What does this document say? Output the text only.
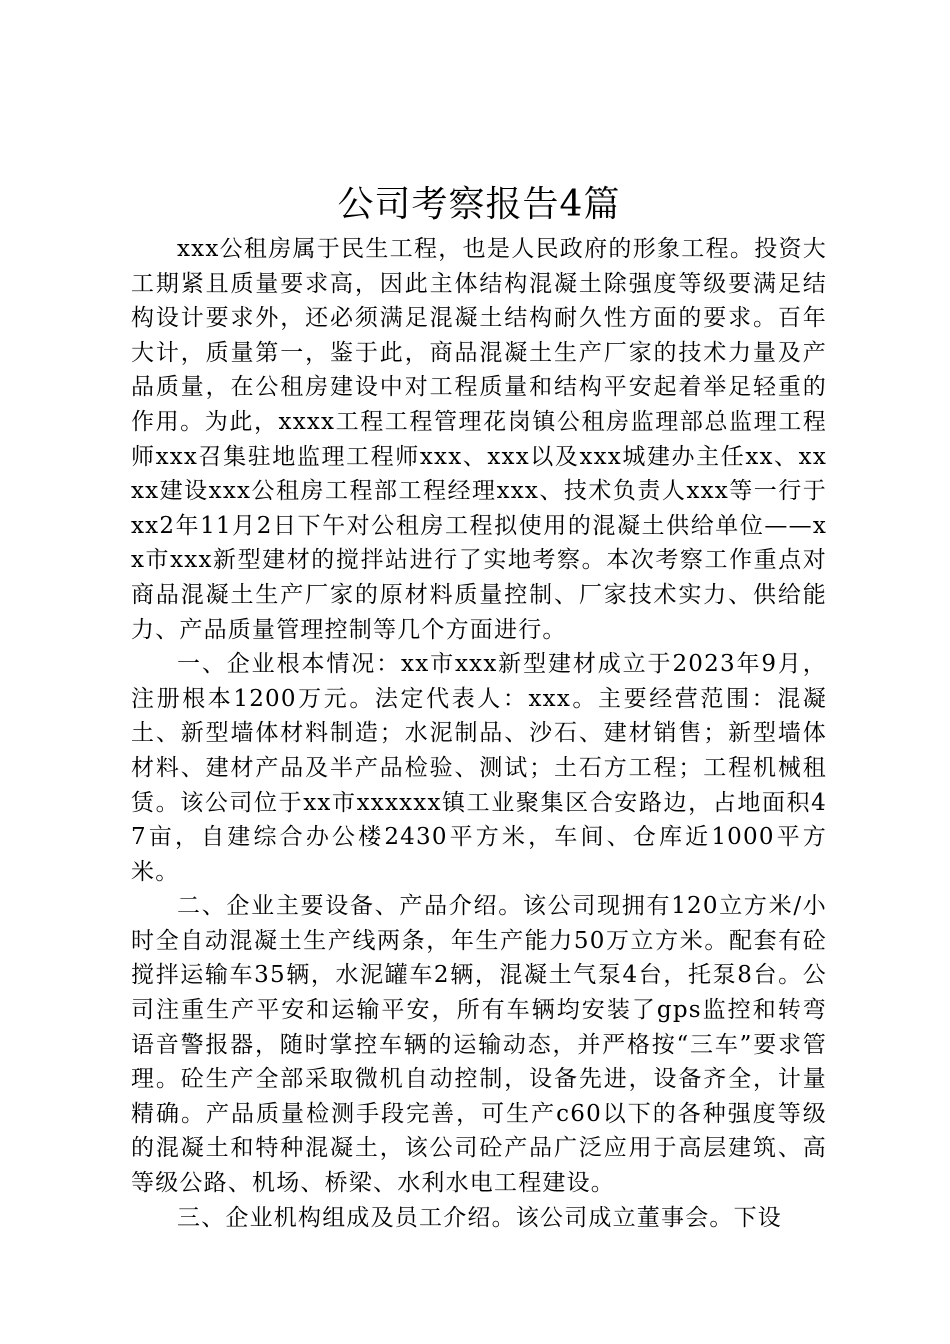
公司考察报告4篇

xxx公租房属于民生工程，也是人民政府的形象工程。投资大工期紧且质量要求高，因此主体结构混凝土除强度等级要满足结构设计要求外，还必须满足混凝土结构耐久性方面的要求。百年大计，质量第一，鉴于此，商品混凝土生产厂家的技术力量及产品质量，在公租房建设中对工程质量和结构平安起着举足轻重的作用。为此，xxxx工程工程管理花岗镇公租房监理部总监理工程师xxx召集驻地监理工程师xxx、xxx以及xxx城建办主任xx、xxxx建设xxx公租房工程部工程经理xxx、技术负责人xxx等一行于xx2年11月2日下午对公租房工程拟使用的混凝土供给单位——xx市xxx新型建材的搅拌站进行了实地考察。本次考察工作重点对商品混凝土生产厂家的原材料质量控制、厂家技术实力、供给能力、产品质量管理控制等几个方面进行。

一、企业根本情况：xx市xxx新型建材成立于2023年9月，注册根本1200万元。法定代表人：xxx。主要经营范围：混凝土、新型墙体材料制造；水泥制品、沙石、建材销售；新型墙体材料、建材产品及半产品检验、测试；土石方工程；工程机械租赁。该公司位于xx市xxxxxx镇工业聚集区合安路边，占地面积47亩，自建综合办公楼2430平方米，车间、仓库近1000平方米。

二、企业主要设备、产品介绍。该公司现拥有120立方米/小时全自动混凝土生产线两条，年生产能力50万立方米。配套有砼搅拌运输车35辆，水泥罐车2辆，混凝土气泵4台，托泵8台。公司注重生产平安和运输平安，所有车辆均安装了gps监控和转弯语音警报器，随时掌控车辆的运输动态，并严格按“三车”要求管理。砼生产全部采取微机自动控制，设备先进，设备齐全，计量精确。产品质量检测手段完善，可生产c60以下的各种强度等级的混凝土和特种混凝土，该公司砼产品广泛应用于高层建筑、高等级公路、机场、桥梁、水利水电工程建设。

三、企业机构组成及员工介绍。该公司成立董事会。下设
